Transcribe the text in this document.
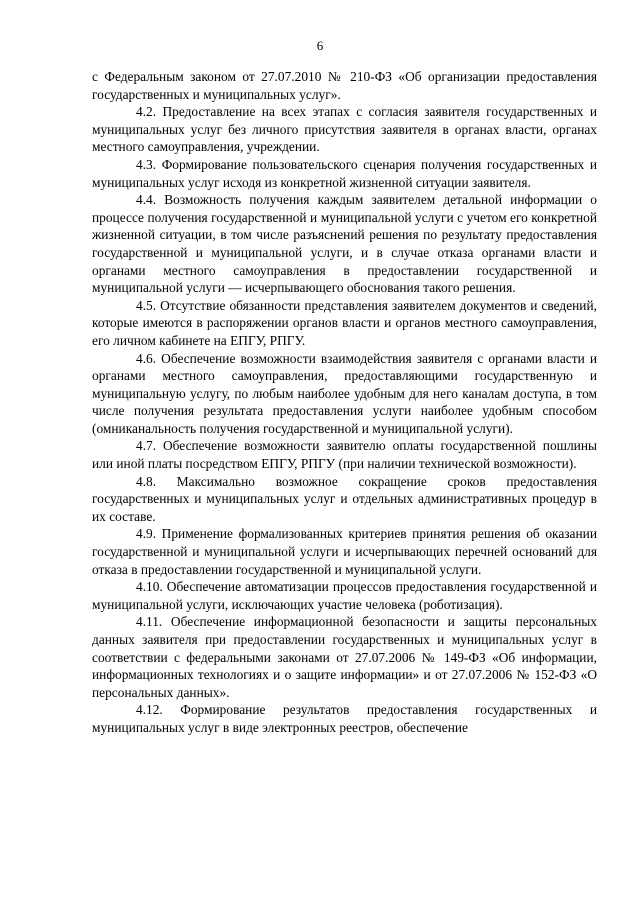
6

с Федеральным законом от 27.07.2010 № 210-ФЗ «Об организации предоставления государственных и муниципальных услуг».

4.2. Предоставление на всех этапах с согласия заявителя государственных и муниципальных услуг без личного присутствия заявителя в органах власти, органах местного самоуправления, учреждении.

4.3. Формирование пользовательского сценария получения государственных и муниципальных услуг исходя из конкретной жизненной ситуации заявителя.

4.4. Возможность получения каждым заявителем детальной информации о процессе получения государственной и муниципальной услуги с учетом его конкретной жизненной ситуации, в том числе разъяснений решения по результату предоставления государственной и муниципальной услуги, и в случае отказа органами власти и органами местного самоуправления в предоставлении государственной и муниципальной услуги — исчерпывающего обоснования такого решения.

4.5. Отсутствие обязанности представления заявителем документов и сведений, которые имеются в распоряжении органов власти и органов местного самоуправления, его личном кабинете на ЕПГУ, РПГУ.

4.6. Обеспечение возможности взаимодействия заявителя с органами власти и органами местного самоуправления, предоставляющими государственную и муниципальную услугу, по любым наиболее удобным для него каналам доступа, в том числе получения результата предоставления услуги наиболее удобным способом (омниканальность получения государственной и муниципальной услуги).

4.7. Обеспечение возможности заявителю оплаты государственной пошлины или иной платы посредством ЕПГУ, РПГУ (при наличии технической возможности).

4.8. Максимально возможное сокращение сроков предоставления государственных и муниципальных услуг и отдельных административных процедур в их составе.

4.9. Применение формализованных критериев принятия решения об оказании государственной и муниципальной услуги и исчерпывающих перечней оснований для отказа в предоставлении государственной и муниципальной услуги.

4.10. Обеспечение автоматизации процессов предоставления государственной и муниципальной услуги, исключающих участие человека (роботизация).

4.11. Обеспечение информационной безопасности и защиты персональных данных заявителя при предоставлении государственных и муниципальных услуг в соответствии с федеральными законами от 27.07.2006 № 149-ФЗ «Об информации, информационных технологиях и о защите информации» и от 27.07.2006 № 152-ФЗ «О персональных данных».

4.12. Формирование результатов предоставления государственных и муниципальных услуг в виде электронных реестров, обеспечение
